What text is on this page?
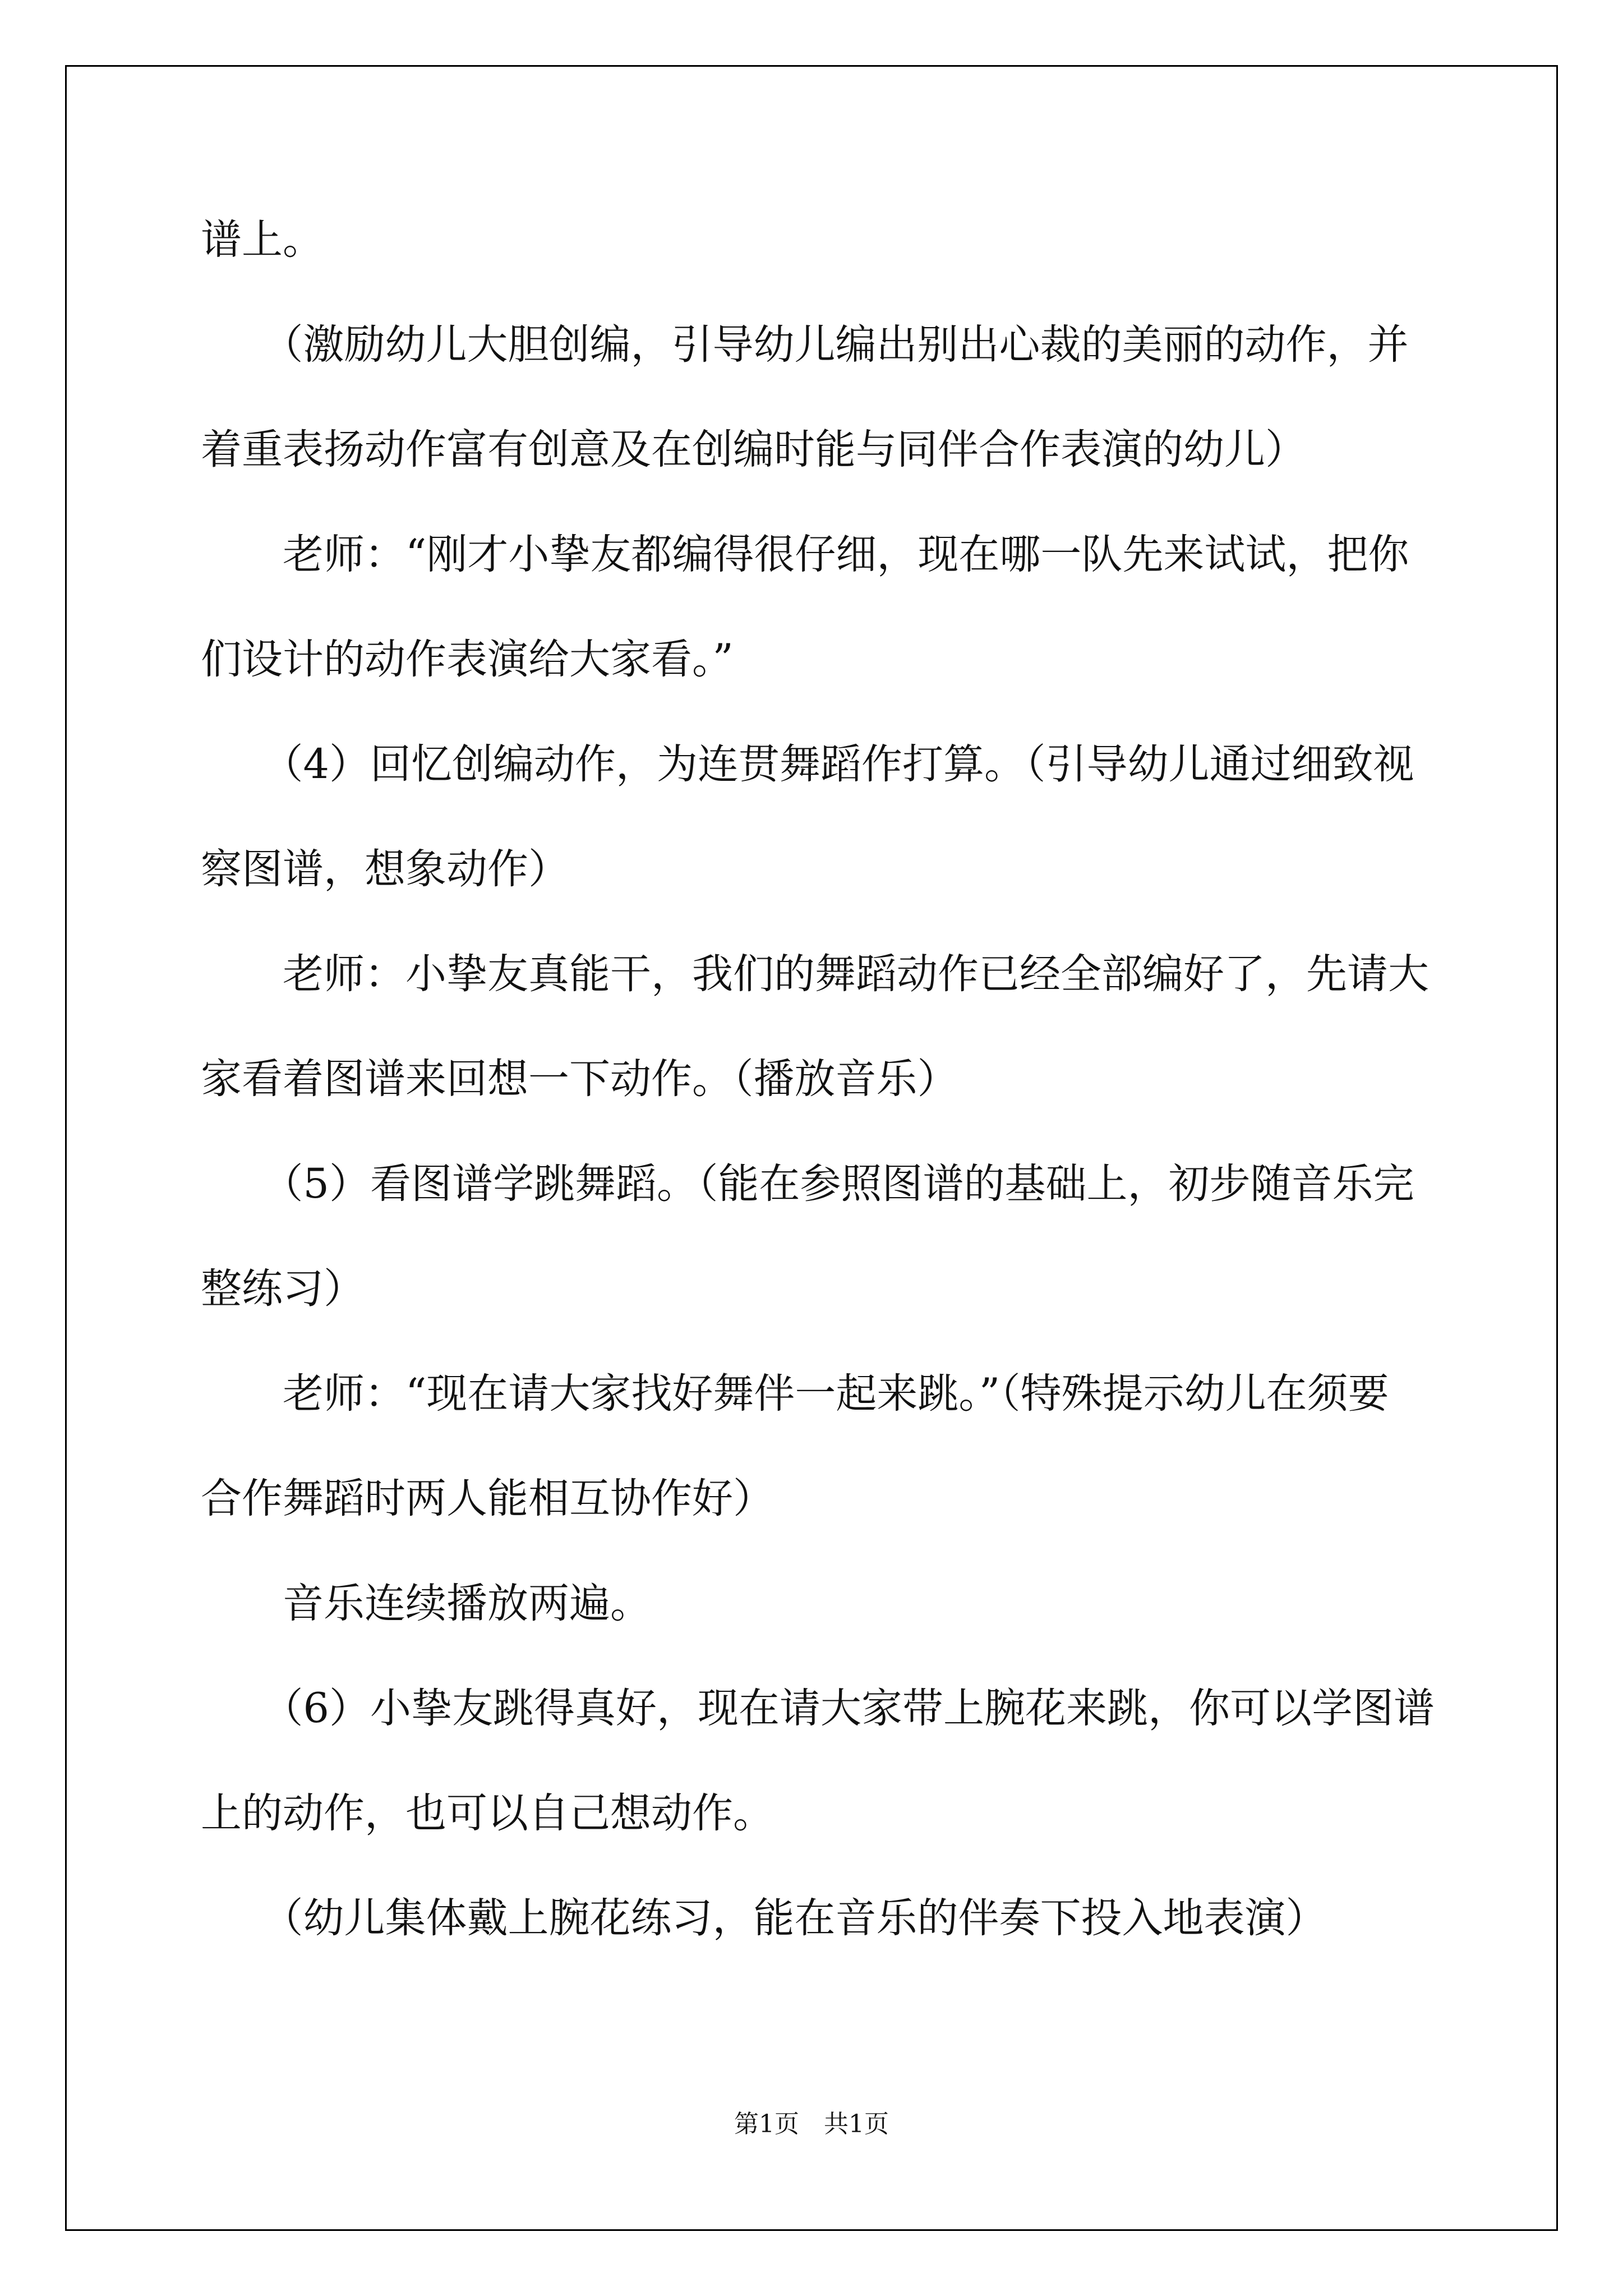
谱上。
　　（激励幼儿大胆创编，引导幼儿编出别出心裁的美丽的动作，并
着重表扬动作富有创意及在创编时能与同伴合作表演的幼儿）
　　老师：“刚才小挚友都编得很仔细，现在哪一队先来试试，把你
们设计的动作表演给大家看。”
　　（4）回忆创编动作，为连贯舞蹈作打算。（引导幼儿通过细致视
察图谱，想象动作）
　　老师：小挚友真能干，我们的舞蹈动作已经全部编好了，先请大
家看着图谱来回想一下动作。（播放音乐）
　　（5）看图谱学跳舞蹈。（能在参照图谱的基础上，初步随音乐完
整练习）
　　老师：“现在请大家找好舞伴一起来跳。”（特殊提示幼儿在须要
合作舞蹈时两人能相互协作好）
　　音乐连续播放两遍。
　　（6）小挚友跳得真好，现在请大家带上腕花来跳，你可以学图谱
上的动作，也可以自己想动作。
　　（幼儿集体戴上腕花练习，能在音乐的伴奏下投入地表演）
第1页　共1页
